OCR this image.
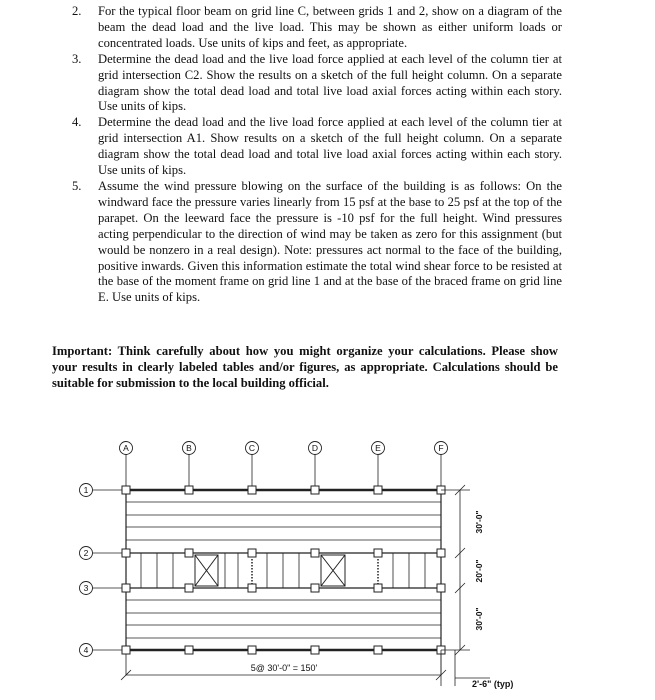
2. For the typical floor beam on grid line C, between grids 1 and 2, show on a diagram of the beam the dead load and the live load. This may be shown as either uniform loads or concentrated loads. Use units of kips and feet, as appropriate.
3. Determine the dead load and the live load force applied at each level of the column tier at grid intersection C2. Show the results on a sketch of the full height column. On a separate diagram show the total dead load and total live load axial forces acting within each story. Use units of kips.
4. Determine the dead load and the live load force applied at each level of the column tier at grid intersection A1. Show results on a sketch of the full height column. On a separate diagram show the total dead load and total live load axial forces acting within each story. Use units of kips.
5. Assume the wind pressure blowing on the surface of the building is as follows: On the windward face the pressure varies linearly from 15 psf at the base to 25 psf at the top of the parapet. On the leeward face the pressure is -10 psf for the full height. Wind pressures acting perpendicular to the direction of wind may be taken as zero for this assignment (but would be nonzero in a real design). Note: pressures act normal to the face of the building, positive inwards. Given this information estimate the total wind shear force to be resisted at the base of the moment frame on grid line 1 and at the base of the braced frame on grid line E. Use units of kips.

Important: Think carefully about how you might organize your calculations. Please show your results in clearly labeled tables and/or figures, as appropriate. Calculations should be suitable for submission to the local building official.

A	B	C	D	E	F
1
2
3
4
5@ 30'-0" = 150'
2'-6" (typ)
30'-0"
20'-0"
30'-0"
